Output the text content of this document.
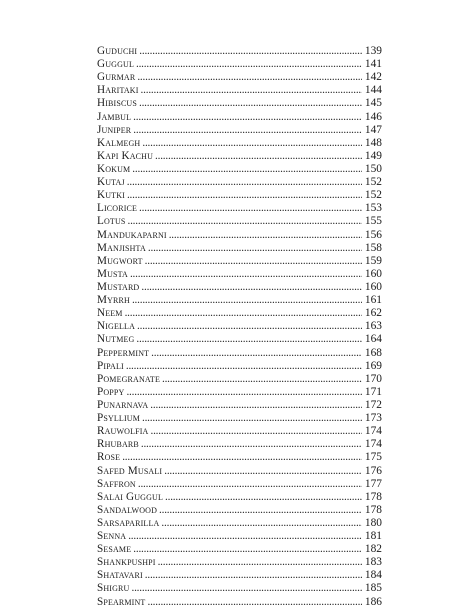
Guduchi . . .	139
Guggul . . .	141
Gurmar . . .	142
Haritaki . . .	144
Hibiscus . . .	145
Jambul . . .	146
Juniper . . .	147
Kalmegh . . .	148
Kapi Kachu . . .	149
Kokum . . .	150
Kutaj . . .	152
Kutki . . .	152
Licorice . . .	153
Lotus . . .	155
Mandukaparni . . .	156
Manjishta . . .	158
Mugwort . . .	159
Musta . . .	160
Mustard . . .	160
Myrrh . . .	161
Neem . . .	162
Nigella . . .	163
Nutmeg . . .	164
Peppermint . . .	168
Pipali . . .	169
Pomegranate . . .	170
Poppy . . .	171
Punarnava . . .	172
Psyllium . . .	173
Rauwolfia . . .	174
Rhubarb . . .	174
Rose . . .	175
Safed Musali . . .	176
Saffron . . .	177
Salai Guggul . . .	178
Sandalwood . . .	178
Sarsaparilla . . .	180
Senna . . .	181
Sesame . . .	182
Shankpushpi . . .	183
Shatavari . . .	184
Shigru . . .	185
Spearmint . . .	186
